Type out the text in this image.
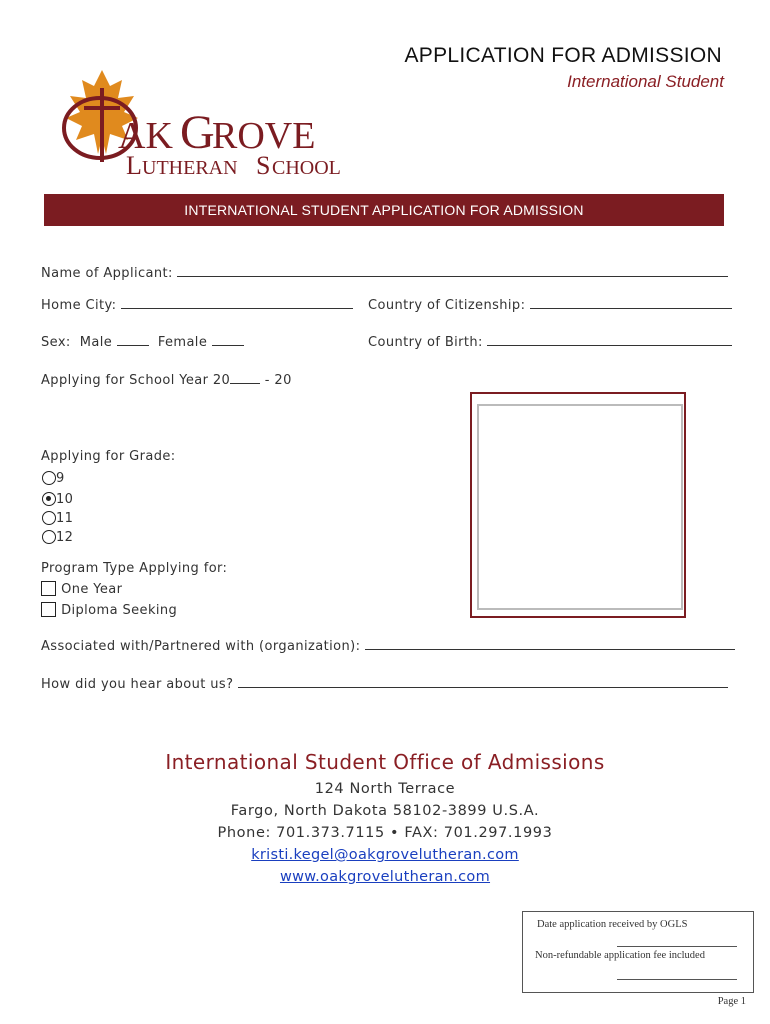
APPLICATION FOR ADMISSION
International Student
AK G
ROVE
L UTHERAN S CHOOL
INTERNATIONAL STUDENT APPLICATION FOR ADMISSION
Name of Applicant:
Home City:	Country of Citizenship:
Sex: Male	Female	Country of Birth:
Applying for School Year 20	- 20
Applying for Grade:
9
10
11
12
Program Type Applying for:
One Year
Diploma Seeking
Associated with/Partnered with (organization):
How did you hear about us?
International Student Office of Admissions
124 North Terrace
Fargo, North Dakota 58102-3899 U.S.A.
Phone: 701.373.7115 • FAX: 701.297.1993
kristi.kegel@oakgrovelutheran.com
www.oakgrovelutheran.com
Date application received by OGLS
Non-refundable application fee included
Page 1
